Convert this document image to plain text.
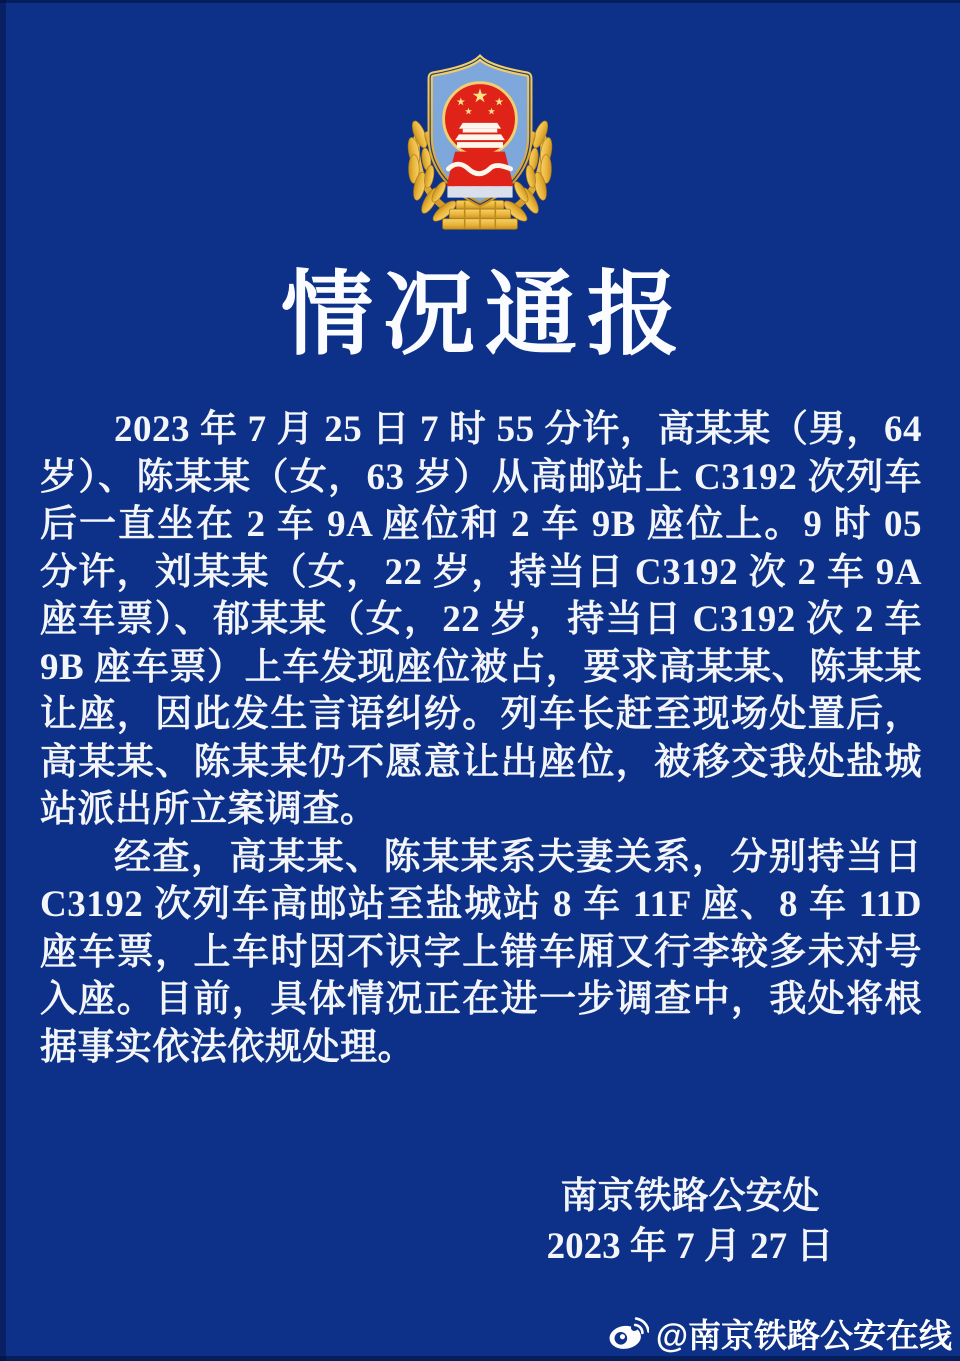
情况通报

2023 年 7 月 25 日 7 时 55 分许，高某某（男，64 岁）、陈某某（女，63 岁）从高邮站上 C3192 次列车后一直坐在 2 车 9A 座位和 2 车 9B 座位上。9 时 05 分许，刘某某（女，22 岁，持当日 C3192 次 2 车 9A 座车票）、郁某某（女，22 岁，持当日 C3192 次 2 车 9B 座车票）上车发现座位被占，要求高某某、陈某某让座，因此发生言语纠纷。列车长赶至现场处置后，高某某、陈某某仍不愿意让出座位，被移交我处盐城站派出所立案调查。

经查，高某某、陈某某系夫妻关系，分别持当日 C3192 次列车高邮站至盐城站 8 车 11F 座、8 车 11D 座车票，上车时因不识字上错车厢又行李较多未对号入座。目前，具体情况正在进一步调查中，我处将根据事实依法依规处理。

南京铁路公安处
2023 年 7 月 27 日
@南京铁路公安在线
